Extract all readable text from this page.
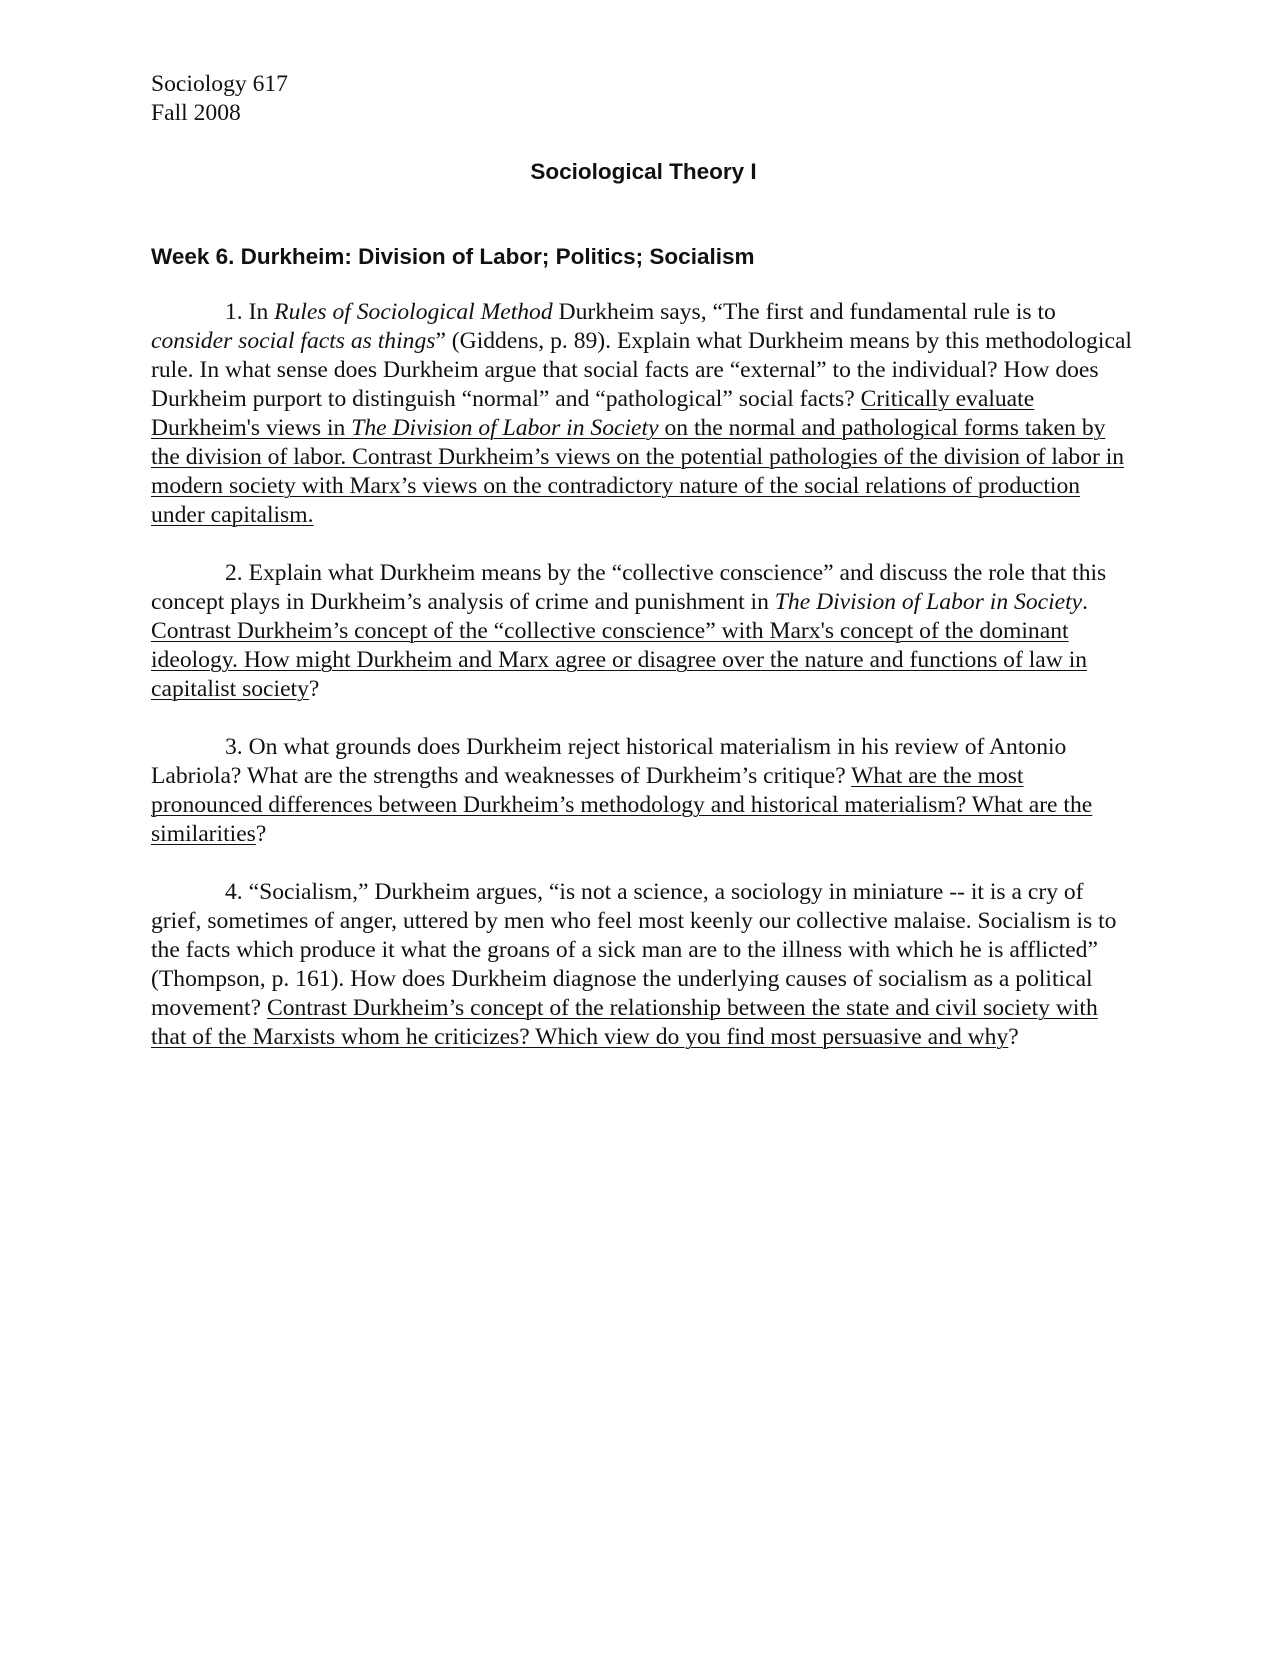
Sociology 617

Fall 2008

Sociological Theory I
Week 6. Durkheim: Division of Labor; Politics; Socialism

1. In Rules of Sociological Method Durkheim says, “The first and fundamental rule is to consider social facts as things” (Giddens, p. 89). Explain what Durkheim means by this methodological rule. In what sense does Durkheim argue that social facts are “external” to the individual? How does Durkheim purport to distinguish “normal” and “pathological” social facts? Critically evaluate Durkheim's views in The Division of Labor in Society on the normal and pathological forms taken by the division of labor. Contrast Durkheim’s views on the potential pathologies of the division of labor in modern society with Marx’s views on the contradictory nature of the social relations of production under capitalism.

2. Explain what Durkheim means by the “collective conscience” and discuss the role that this concept plays in Durkheim’s analysis of crime and punishment in The Division of Labor in Society. Contrast Durkheim’s concept of the “collective conscience” with Marx's concept of the dominant ideology. How might Durkheim and Marx agree or disagree over the nature and functions of law in capitalist society?

3. On what grounds does Durkheim reject historical materialism in his review of Antonio Labriola? What are the strengths and weaknesses of Durkheim’s critique? What are the most pronounced differences between Durkheim’s methodology and historical materialism? What are the similarities?

4. “Socialism,” Durkheim argues, “is not a science, a sociology in miniature -- it is a cry of grief, sometimes of anger, uttered by men who feel most keenly our collective malaise. Socialism is to the facts which produce it what the groans of a sick man are to the illness with which he is afflicted” (Thompson, p. 161). How does Durkheim diagnose the underlying causes of socialism as a political movement? Contrast Durkheim’s concept of the relationship between the state and civil society with that of the Marxists whom he criticizes? Which view do you find most persuasive and why?
